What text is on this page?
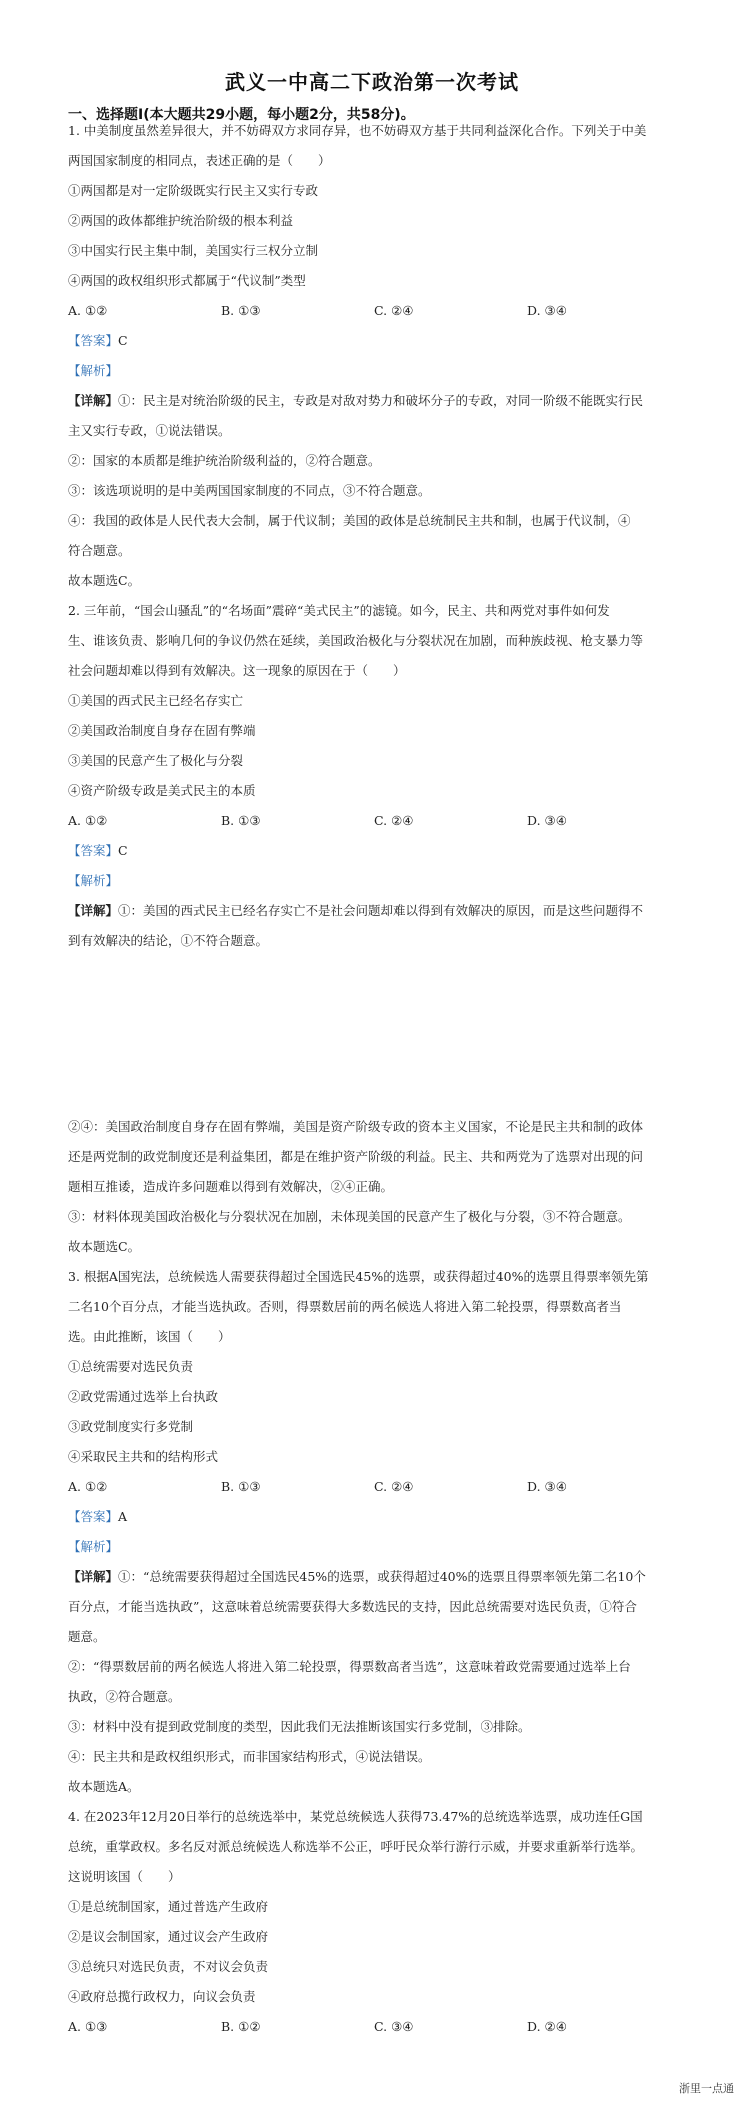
武义一中高二下政治第一次考试
一、选择题Ⅰ(本大题共29小题，每小题2分，共58分)。
1. 中美制度虽然差异很大，并不妨碍双方求同存异，也不妨碍双方基于共同利益深化合作。下列关于中美
两国国家制度的相同点，表述正确的是（　　）
①两国都是对一定阶级既实行民主又实行专政
②两国的政体都维护统治阶级的根本利益
③中国实行民主集中制，美国实行三权分立制
④两国的政权组织形式都属于“代议制”类型
A. ①②	B. ①③	C. ②④	D. ③④
【答案】C
【解析】
【详解】①：民主是对统治阶级的民主，专政是对敌对势力和破坏分子的专政，对同一阶级不能既实行民
主又实行专政，①说法错误。
②：国家的本质都是维护统治阶级利益的，②符合题意。
③：该选项说明的是中美两国国家制度的不同点，③不符合题意。
④：我国的政体是人民代表大会制，属于代议制；美国的政体是总统制民主共和制，也属于代议制，④
符合题意。
故本题选C。
2. 三年前，“国会山骚乱”的“名场面”震碎“美式民主”的滤镜。如今，民主、共和两党对事件如何发
生、谁该负责、影响几何的争议仍然在延续，美国政治极化与分裂状况在加剧，而种族歧视、枪支暴力等
社会问题却难以得到有效解决。这一现象的原因在于（　　）
①美国的西式民主已经名存实亡
②美国政治制度自身存在固有弊端
③美国的民意产生了极化与分裂
④资产阶级专政是美式民主的本质
A. ①②	B. ①③	C. ②④	D. ③④
【答案】C
【解析】
【详解】①：美国的西式民主已经名存实亡不是社会问题却难以得到有效解决的原因，而是这些问题得不
到有效解决的结论，①不符合题意。
②④：美国政治制度自身存在固有弊端，美国是资产阶级专政的资本主义国家，不论是民主共和制的政体
还是两党制的政党制度还是利益集团，都是在维护资产阶级的利益。民主、共和两党为了选票对出现的问
题相互推诿，造成许多问题难以得到有效解决，②④正确。
③：材料体现美国政治极化与分裂状况在加剧，未体现美国的民意产生了极化与分裂，③不符合题意。
故本题选C。
3. 根据A国宪法，总统候选人需要获得超过全国选民45%的选票，或获得超过40%的选票且得票率领先第
二名10个百分点，才能当选执政。否则，得票数居前的两名候选人将进入第二轮投票，得票数高者当
选。由此推断，该国（　　）
①总统需要对选民负责
②政党需通过选举上台执政
③政党制度实行多党制
④采取民主共和的结构形式
A. ①②	B. ①③	C. ②④	D. ③④
【答案】A
【解析】
【详解】①：“总统需要获得超过全国选民45%的选票，或获得超过40%的选票且得票率领先第二名10个
百分点，才能当选执政”，这意味着总统需要获得大多数选民的支持，因此总统需要对选民负责，①符合
题意。
②：“得票数居前的两名候选人将进入第二轮投票，得票数高者当选”，这意味着政党需要通过选举上台
执政，②符合题意。
③：材料中没有提到政党制度的类型，因此我们无法推断该国实行多党制，③排除。
④：民主共和是政权组织形式，而非国家结构形式，④说法错误。
故本题选A。
4. 在2023年12月20日举行的总统选举中，某党总统候选人获得73.47%的总统选举选票，成功连任G国
总统，重掌政权。多名反对派总统候选人称选举不公正，呼吁民众举行游行示威，并要求重新举行选举。
这说明该国（　　）
①是总统制国家，通过普选产生政府
②是议会制国家，通过议会产生政府
③总统只对选民负责，不对议会负责
④政府总揽行政权力，向议会负责
A. ①③	B. ①②	C. ③④	D. ②④
浙里一点通
